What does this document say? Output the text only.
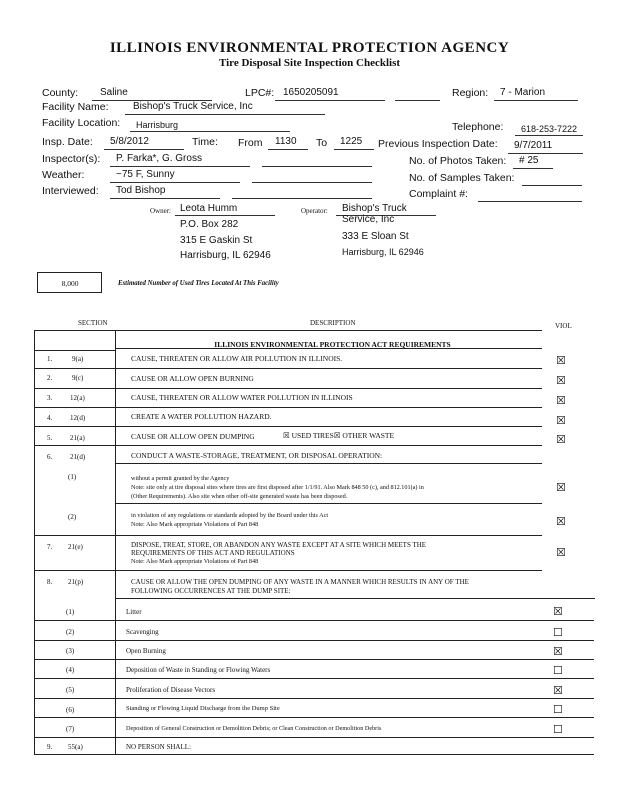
ILLINOIS ENVIRONMENTAL PROTECTION AGENCY
Tire Disposal Site Inspection Checklist
County: Saline	LPC#: 1650205091	Region: 7 - Marion
Facility Name: Bishop's Truck Service, Inc
Facility Location: Harrisburg	Telephone: 618-253-7222
Insp. Date: 5/8/2012	Time: From 1130 To 1225 Previous Inspection Date: 9/7/2011
Inspector(s): P. Farka*, G. Gross	No. of Photos Taken: # 25
Weather:	~75 F, Sunny	No. of Samples Taken:
Interviewed: Tod Bishop	Complaint #:
Owner: Leota Humm
P.O. Box 282
315 E Gaskin St
Harrisburg, IL 62946
Operator: Bishop's Truck
Service, Inc
333 E Sloan St
Harrisburg, IL 62946
8,000	Estimated Number of Used Tires Located At This Facility
SECTION	DESCRIPTION	VIOL
ILLINOIS ENVIRONMENTAL PROTECTION ACT REQUIREMENTS
1.	9(a)	CAUSE, THREATEN OR ALLOW AIR POLLUTION IN ILLINOIS.	☒
2.	9(c)	CAUSE OR ALLOW OPEN BURNING	☒
3.	12(a)	CAUSE, THREATEN OR ALLOW WATER POLLUTION IN ILLINOIS	☒
4.	12(d)	CREATE A WATER POLLUTION HAZARD.	☒
5.	21(a)	CAUSE OR ALLOW OPEN DUMPING	☒ USED TIRES☒ OTHER WASTE	☒
6.	21(d)	CONDUCT A WASTE-STORAGE, TREATMENT, OR DISPOSAL OPERATION:
(1)	without a permit granted by the Agency
Note: site only at tire disposal sites where tires are first disposed after 1/1/91. Also Mark 848 50 (c), and 812.101(a) in
(Other Requirements). Also site when other off-site generated waste has been disposed.
☒
(2)	in violation of any regulations or standards adopted by the Board under this Act
Note: Also Mark appropriate Violations of Part 848	☒
7. 21(e)	DISPOSE, TREAT, STORE, OR ABANDON ANY WASTE EXCEPT AT A SITE WHICH MEETS THE
REQUIREMENTS OF THIS ACT AND REGULATIONS
Note: Also Mark appropriate Violations of Part 848
☒
8. 21(p)	CAUSE OR ALLOW THE OPEN DUMPING OF ANY WASTE IN A MANNER WHICH RESULTS IN ANY OF THE
FOLLOWING OCCURRENCES AT THE DUMP SITE:
(1)	Litter	☒
(2)	Scavenging	☐
(3)	Open Burning	☒
(4)	Deposition of Waste in Standing or Flowing Waters	☐
(5)	Proliferation of Disease Vectors	☒
(6)	Standing or Flowing Liquid Discharge from the Dump Site	☐
(7)	Deposition of General Construction or Demolition Debris; or Clean Construction or Demolition Debris	☐
9. 55(a)	NO PERSON SHALL:
